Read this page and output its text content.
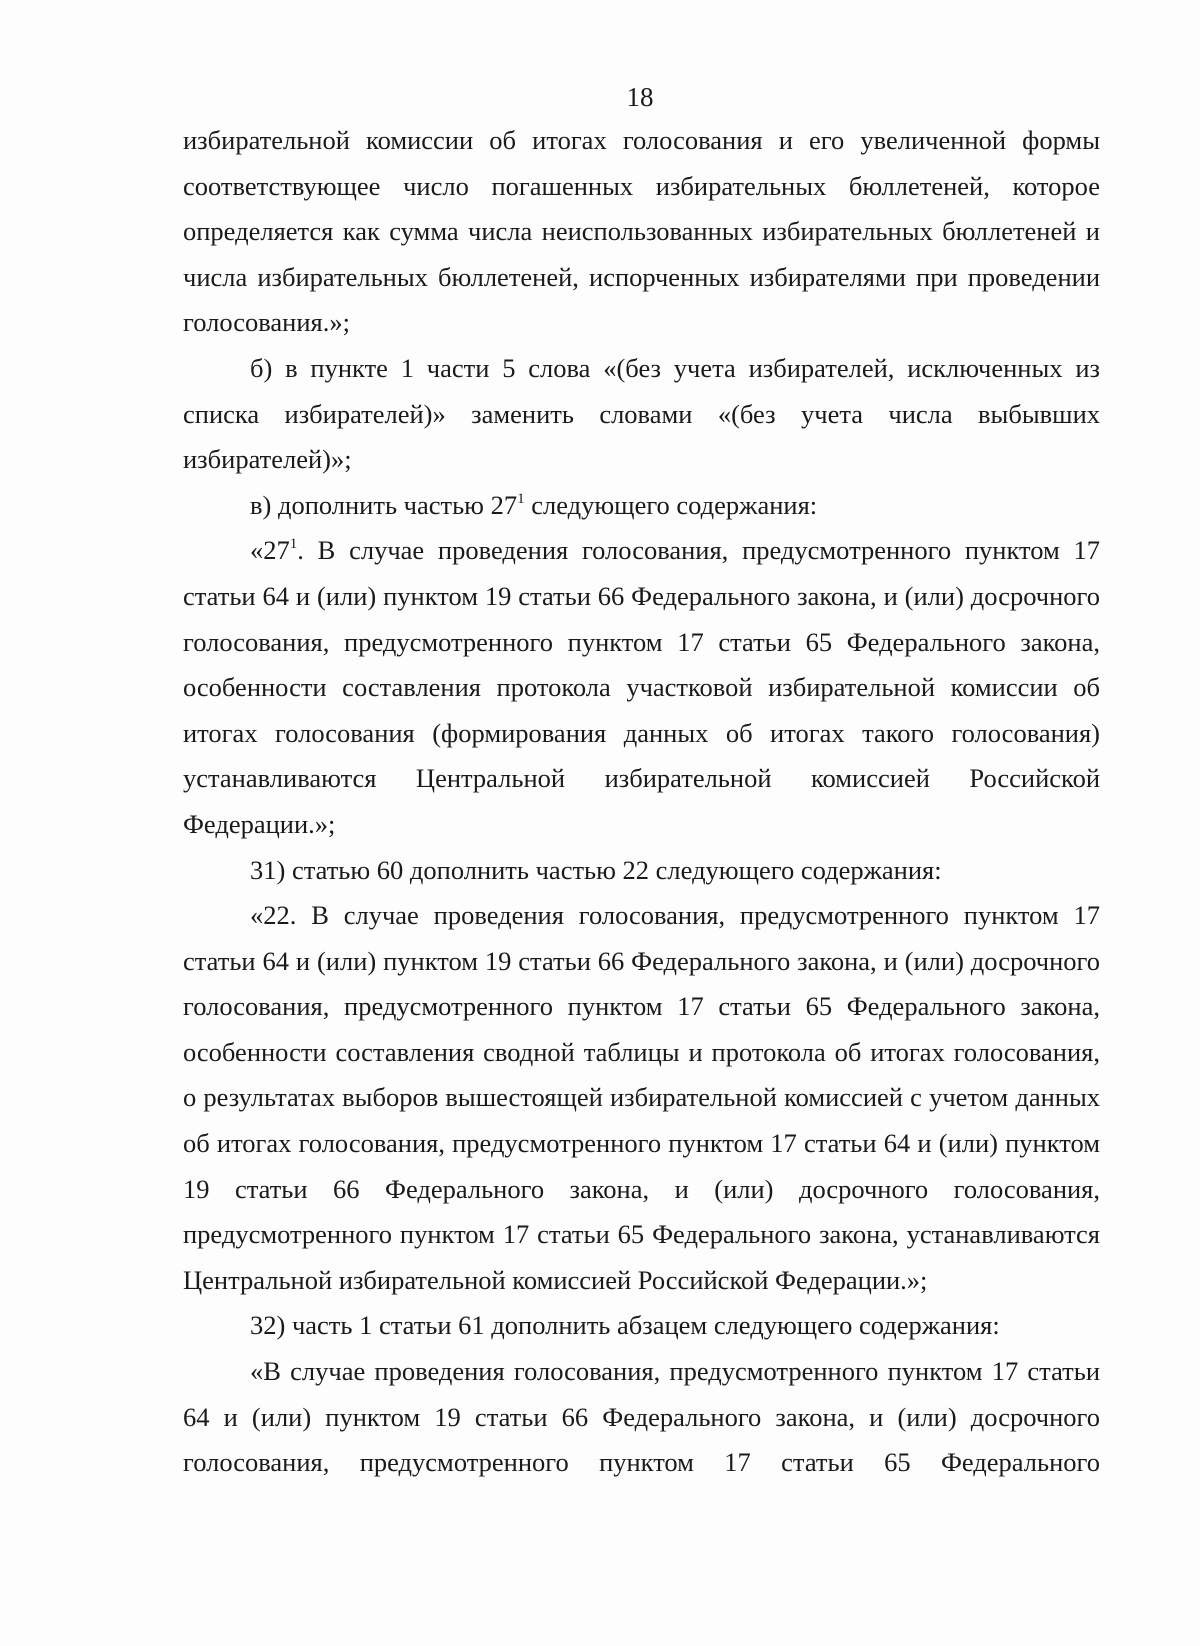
18

избирательной комиссии об итогах голосования и его увеличенной формы соответствующее число погашенных избирательных бюллетеней, которое определяется как сумма числа неиспользованных избирательных бюллетеней и числа избирательных бюллетеней, испорченных избирателями при проведении голосования.»;

б) в пункте 1 части 5 слова «(без учета избирателей, исключенных из списка избирателей)» заменить словами «(без учета числа выбывших избирателей)»;

в) дополнить частью $27^1$ следующего содержания:

«$27^1$. В случае проведения голосования, предусмотренного пунктом 17 статьи 64 и (или) пунктом 19 статьи 66 Федерального закона, и (или) досрочного голосования, предусмотренного пунктом 17 статьи 65 Федерального закона, особенности составления протокола участковой избирательной комиссии об итогах голосования (формирования данных об итогах такого голосования) устанавливаются Центральной избирательной комиссией Российской Федерации.»;

31) статью 60 дополнить частью 22 следующего содержания:

«22. В случае проведения голосования, предусмотренного пунктом 17 статьи 64 и (или) пунктом 19 статьи 66 Федерального закона, и (или) досрочного голосования, предусмотренного пунктом 17 статьи 65 Федерального закона, особенности составления сводной таблицы и протокола об итогах голосования, о результатах выборов вышестоящей избирательной комиссией с учетом данных об итогах голосования, предусмотренного пунктом 17 статьи 64 и (или) пунктом 19 статьи 66 Федерального закона, и (или) досрочного голосования, предусмотренного пунктом 17 статьи 65 Федерального закона, устанавливаются Центральной избирательной комиссией Российской Федерации.»;

32) часть 1 статьи 61 дополнить абзацем следующего содержания:

«В случае проведения голосования, предусмотренного пунктом 17 статьи 64 и (или) пунктом 19 статьи 66 Федерального закона, и (или) досрочного голосования, предусмотренного пунктом 17 статьи 65 Федерального
